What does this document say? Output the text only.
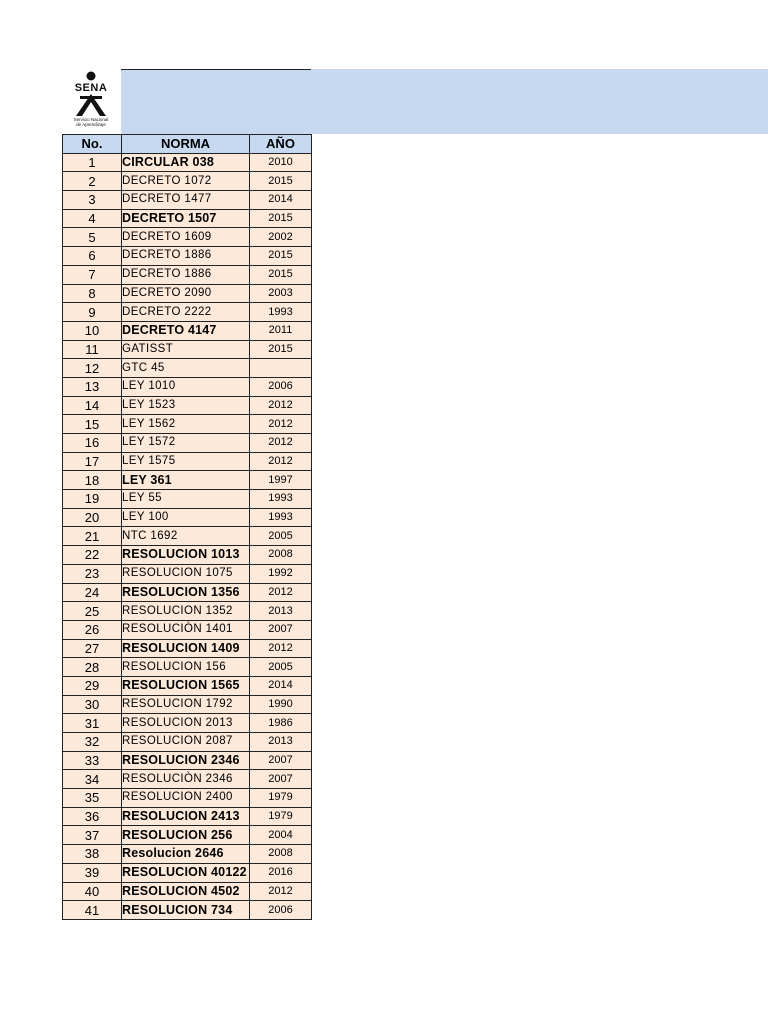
SENA
Servicio Nacional
de Aprendizaje
No.	NORMA	AÑO
1	CIRCULAR 038	2010
2	DECRETO 1072	2015
3	DECRETO 1477	2014
4	DECRETO 1507	2015
5	DECRETO 1609	2002
6	DECRETO 1886	2015
7	DECRETO 1886	2015
8	DECRETO 2090	2003
9	DECRETO 2222	1993
10	DECRETO 4147	2011
11	GATISST	2015
12	GTC 45	
13	LEY 1010	2006
14	LEY 1523	2012
15	LEY 1562	2012
16	LEY 1572	2012
17	LEY 1575	2012
18	LEY 361	1997
19	LEY 55	1993
20	LEY 100	1993
21	NTC 1692	2005
22	RESOLUCION 1013	2008
23	RESOLUCION 1075	1992
24	RESOLUCION 1356	2012
25	RESOLUCION 1352	2013
26	RESOLUCIÒN 1401	2007
27	RESOLUCION 1409	2012
28	RESOLUCION 156	2005
29	RESOLUCION 1565	2014
30	RESOLUCION 1792	1990
31	RESOLUCION 2013	1986
32	RESOLUCION 2087	2013
33	RESOLUCION 2346	2007
34	RESOLUCIÒN 2346	2007
35	RESOLUCION 2400	1979
36	RESOLUCION 2413	1979
37	RESOLUCION 256	2004
38	Resolucion 2646	2008
39	RESOLUCION 40122	2016
40	RESOLUCION 4502	2012
41	RESOLUCION 734	2006
